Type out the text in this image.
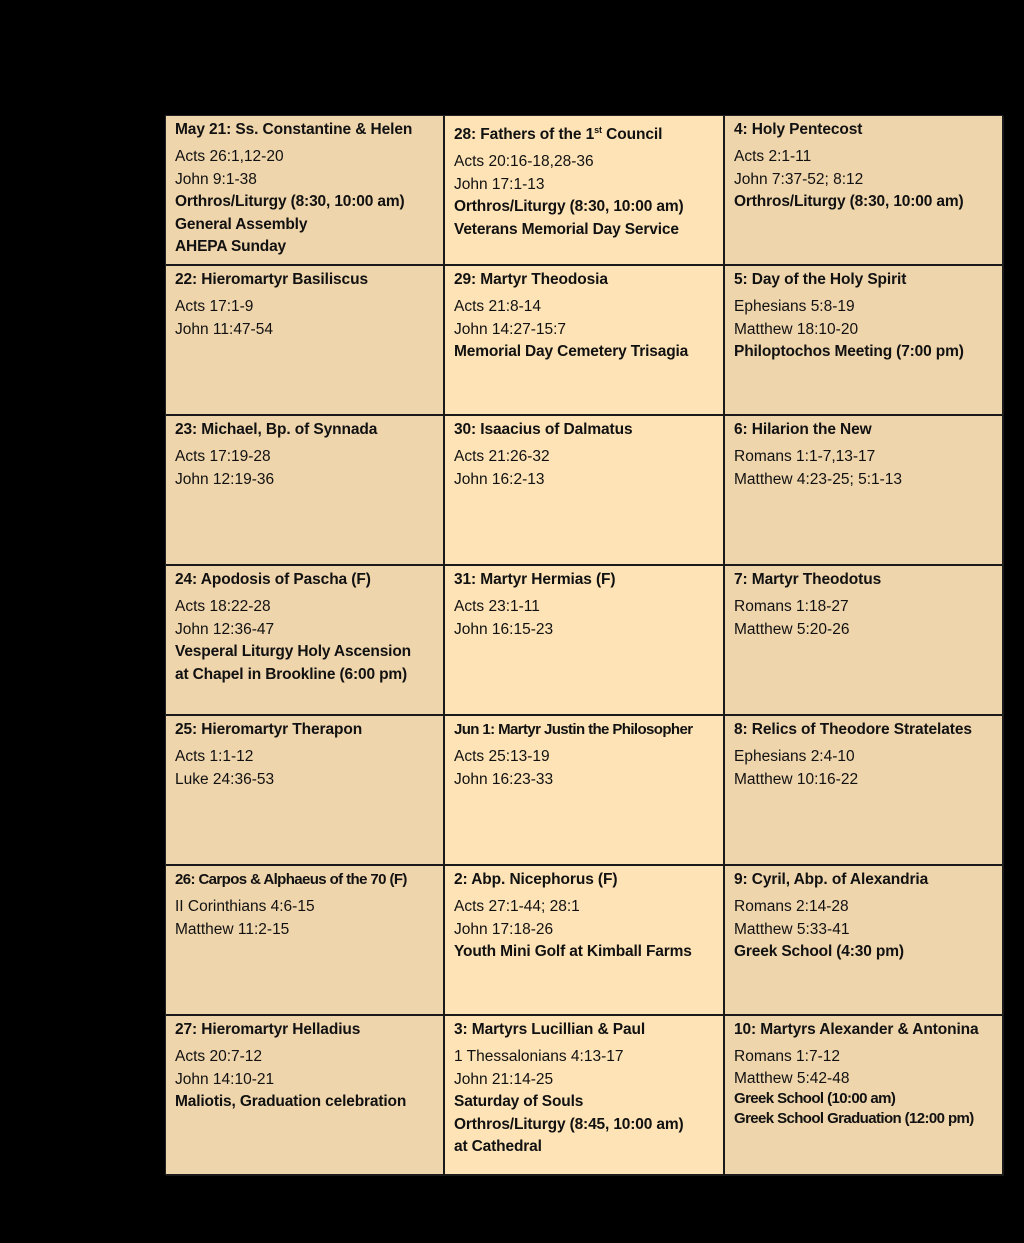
May 21: Ss. Constantine & Helen
Acts 26:1,12-20
John 9:1-38
Orthros/Liturgy (8:30, 10:00 am)
General Assembly
AHEPA Sunday
28: Fathers of the 1st Council
Acts 20:16-18,28-36
John 17:1-13
Orthros/Liturgy (8:30, 10:00 am)
Veterans Memorial Day Service
4: Holy Pentecost
Acts 2:1-11
John 7:37-52; 8:12
Orthros/Liturgy (8:30, 10:00 am)
22: Hieromartyr Basiliscus
Acts 17:1-9
John 11:47-54
29: Martyr Theodosia
Acts 21:8-14
John 14:27-15:7
Memorial Day Cemetery Trisagia
5: Day of the Holy Spirit
Ephesians 5:8-19
Matthew 18:10-20
Philoptochos Meeting (7:00 pm)
23: Michael, Bp. of Synnada
Acts 17:19-28
John 12:19-36
30: Isaacius of Dalmatus
Acts 21:26-32
John 16:2-13
6: Hilarion the New
Romans 1:1-7,13-17
Matthew 4:23-25; 5:1-13
24: Apodosis of Pascha (F)
Acts 18:22-28
John 12:36-47
Vesperal Liturgy Holy Ascension
at Chapel in Brookline (6:00 pm)
31: Martyr Hermias (F)
Acts 23:1-11
John 16:15-23
7: Martyr Theodotus
Romans 1:18-27
Matthew 5:20-26
25: Hieromartyr Therapon
Acts 1:1-12
Luke 24:36-53
Jun 1: Martyr Justin the Philosopher
Acts 25:13-19
John 16:23-33
8: Relics of Theodore Stratelates
Ephesians 2:4-10
Matthew 10:16-22
26: Carpos & Alphaeus of the 70 (F)
II Corinthians 4:6-15
Matthew 11:2-15
2: Abp. Nicephorus (F)
Acts 27:1-44; 28:1
John 17:18-26
Youth Mini Golf at Kimball Farms
9: Cyril, Abp. of Alexandria
Romans 2:14-28
Matthew 5:33-41
Greek School (4:30 pm)
27: Hieromartyr Helladius
Acts 20:7-12
John 14:10-21
Maliotis, Graduation celebration
3: Martyrs Lucillian & Paul
1 Thessalonians 4:13-17
John 21:14-25
Saturday of Souls
Orthros/Liturgy (8:45, 10:00 am)
at Cathedral
10: Martyrs Alexander & Antonina
Romans 1:7-12
Matthew 5:42-48
Greek School (10:00 am)
Greek School Graduation (12:00 pm)
